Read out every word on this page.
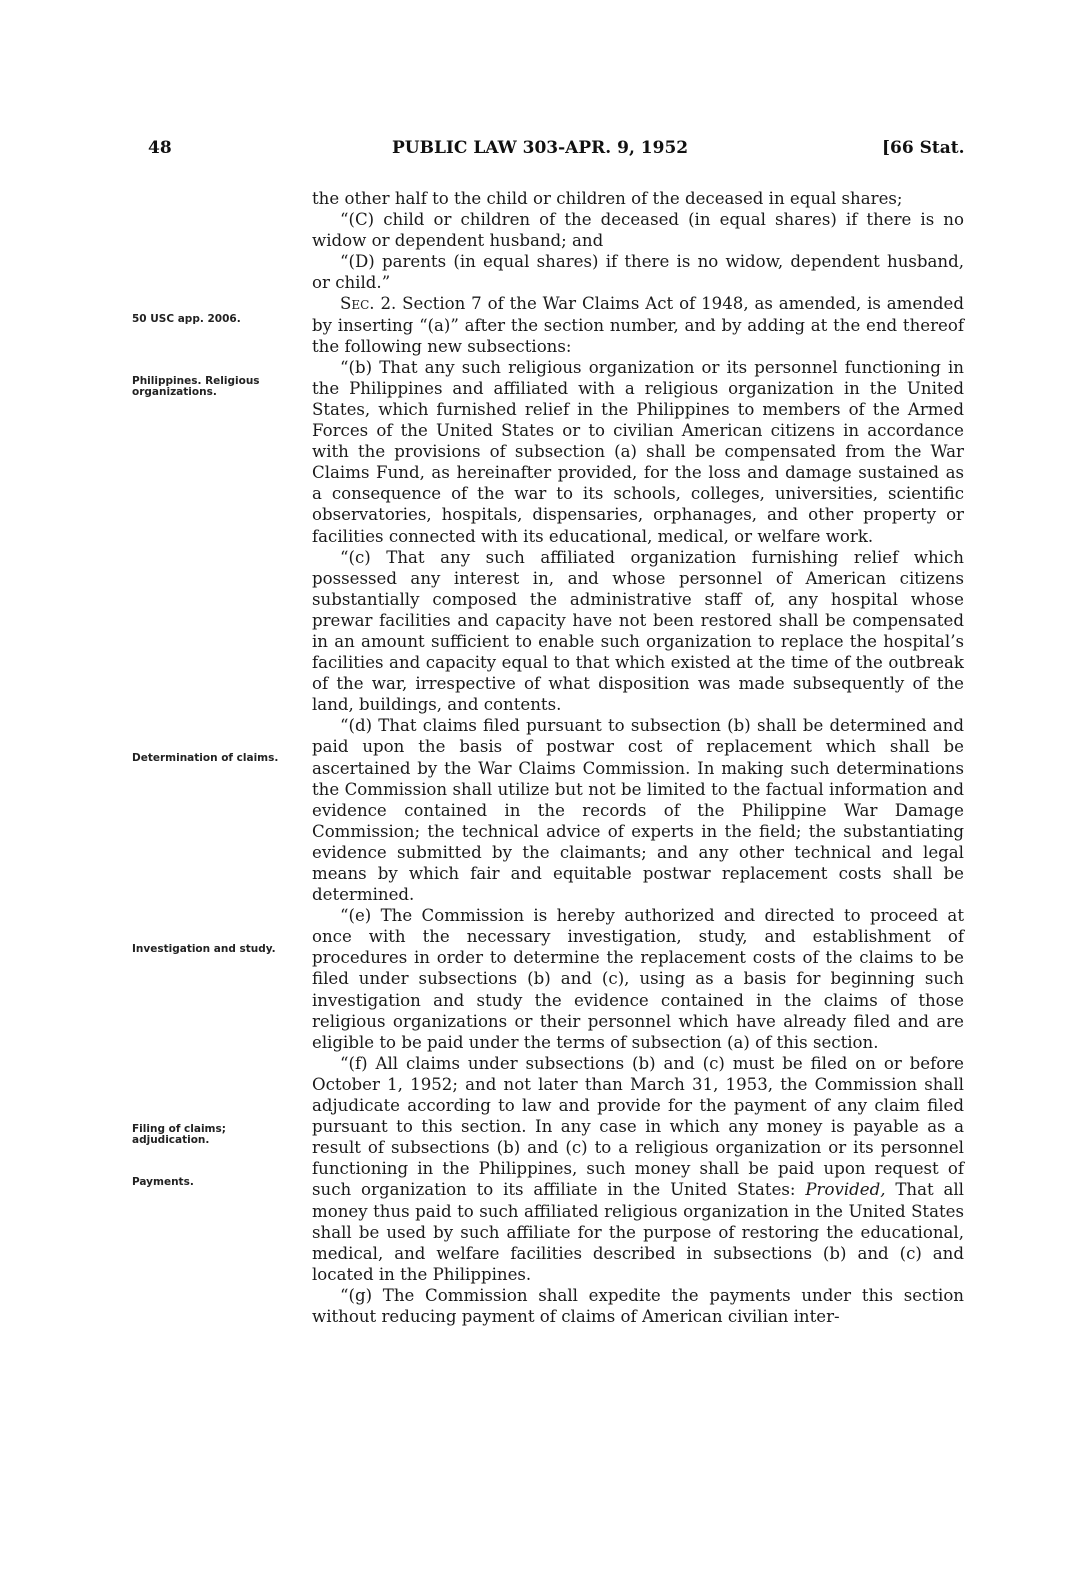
48	PUBLIC LAW 303-APR. 9, 1952	[66 Stat.
50 USC app. 2006.
Philippines. Religious organizations.
Determination of claims.
Investigation and study.
Filing of claims; adjudication.
Payments.

the other half to the child or children of the deceased in equal shares;

“(C) child or children of the deceased (in equal shares) if there is no widow or dependent husband; and

“(D) parents (in equal shares) if there is no widow, dependent husband, or child.”

Sec. 2. Section 7 of the War Claims Act of 1948, as amended, is amended by inserting “(a)” after the section number, and by adding at the end thereof the following new subsections:

“(b) That any such religious organization or its personnel functioning in the Philippines and affiliated with a religious organization in the United States, which furnished relief in the Philippines to members of the Armed Forces of the United States or to civilian American citizens in accordance with the provisions of subsection (a) shall be compensated from the War Claims Fund, as hereinafter provided, for the loss and damage sustained as a consequence of the war to its schools, colleges, universities, scientific observatories, hospitals, dispensaries, orphanages, and other property or facilities connected with its educational, medical, or welfare work.

“(c) That any such affiliated organization furnishing relief which possessed any interest in, and whose personnel of American citizens substantially composed the administrative staff of, any hospital whose prewar facilities and capacity have not been restored shall be compensated in an amount sufficient to enable such organization to replace the hospital’s facilities and capacity equal to that which existed at the time of the outbreak of the war, irrespective of what disposition was made subsequently of the land, buildings, and contents.

“(d) That claims filed pursuant to subsection (b) shall be determined and paid upon the basis of postwar cost of replacement which shall be ascertained by the War Claims Commission. In making such determinations the Commission shall utilize but not be limited to the factual information and evidence contained in the records of the Philippine War Damage Commission; the technical advice of experts in the field; the substantiating evidence submitted by the claimants; and any other technical and legal means by which fair and equitable postwar replacement costs shall be determined.

“(e) The Commission is hereby authorized and directed to proceed at once with the necessary investigation, study, and establishment of procedures in order to determine the replacement costs of the claims to be filed under subsections (b) and (c), using as a basis for beginning such investigation and study the evidence contained in the claims of those religious organizations or their personnel which have already filed and are eligible to be paid under the terms of subsection (a) of this section.

“(f) All claims under subsections (b) and (c) must be filed on or before October 1, 1952; and not later than March 31, 1953, the Commission shall adjudicate according to law and provide for the payment of any claim filed pursuant to this section. In any case in which any money is payable as a result of subsections (b) and (c) to a religious organization or its personnel functioning in the Philippines, such money shall be paid upon request of such organization to its affiliate in the United States: Provided, That all money thus paid to such affiliated religious organization in the United States shall be used by such affiliate for the purpose of restoring the educational, medical, and welfare facilities described in subsections (b) and (c) and located in the Philippines.

“(g) The Commission shall expedite the payments under this section without reducing payment of claims of American civilian inter-
